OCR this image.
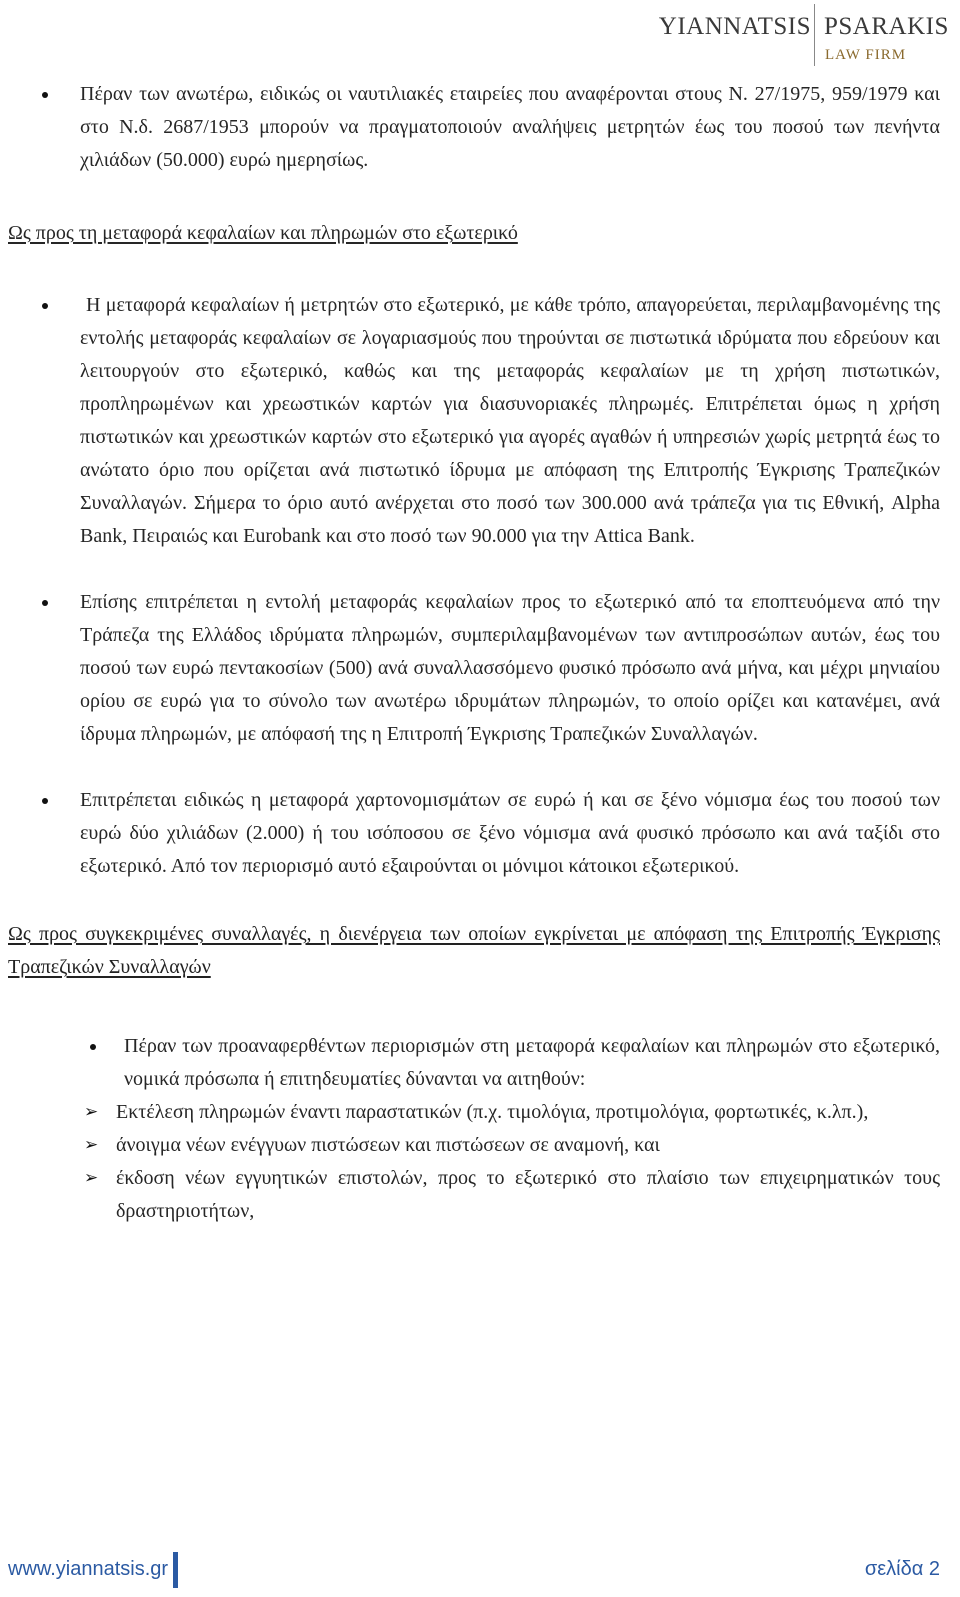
YIANNATSIS PSARAKIS
LAW FIRM

Πέραν των ανωτέρω, ειδικώς οι ναυτιλιακές εταιρείες που αναφέρονται στους Ν. 27/1975, 959/1979 και στο Ν.δ. 2687/1953 μπορούν να πραγματοποιούν αναλήψεις μετρητών έως του ποσού των πενήντα χιλιάδων (50.000) ευρώ ημερησίως.

Ως προς τη μεταφορά κεφαλαίων και πληρωμών στο εξωτερικό

Η μεταφορά κεφαλαίων ή μετρητών στο εξωτερικό, με κάθε τρόπο, απαγορεύεται, περιλαμβανομένης της εντολής μεταφοράς κεφαλαίων σε λογαριασμούς που τηρούνται σε πιστωτικά ιδρύματα που εδρεύουν και λειτουργούν στο εξωτερικό, καθώς και της μεταφοράς κεφαλαίων με τη χρήση πιστωτικών, προπληρωμένων και χρεωστικών καρτών για διασυνοριακές πληρωμές. Επιτρέπεται όμως η χρήση πιστωτικών και χρεωστικών καρτών στο εξωτερικό για αγορές αγαθών ή υπηρεσιών χωρίς μετρητά έως το ανώτατο όριο που ορίζεται ανά πιστωτικό ίδρυμα με απόφαση της Επιτροπής Έγκρισης Τραπεζικών Συναλλαγών. Σήμερα το όριο αυτό ανέρχεται στο ποσό των 300.000 ανά τράπεζα για τις Εθνική, Alpha Bank, Πειραιώς και Eurobank και στο ποσό των 90.000 για την Attica Bank.

Επίσης επιτρέπεται η εντολή μεταφοράς κεφαλαίων προς το εξωτερικό από τα εποπτευόμενα από την Τράπεζα της Ελλάδος ιδρύματα πληρωμών, συμπεριλαμβανομένων των αντιπροσώπων αυτών, έως του ποσού των ευρώ πεντακοσίων (500) ανά συναλλασσόμενο φυσικό πρόσωπο ανά μήνα, και μέχρι μηνιαίου ορίου σε ευρώ για το σύνολο των ανωτέρω ιδρυμάτων πληρωμών, το οποίο ορίζει και κατανέμει, ανά ίδρυμα πληρωμών, με απόφασή της η Επιτροπή Έγκρισης Τραπεζικών Συναλλαγών.

Επιτρέπεται ειδικώς η μεταφορά χαρτονομισμάτων σε ευρώ ή και σε ξένο νόμισμα έως του ποσού των ευρώ δύο χιλιάδων (2.000) ή του ισόποσου σε ξένο νόμισμα ανά φυσικό πρόσωπο και ανά ταξίδι στο εξωτερικό. Από τον περιορισμό αυτό εξαιρούνται οι μόνιμοι κάτοικοι εξωτερικού.

Ως προς συγκεκριμένες συναλλαγές, η διενέργεια των οποίων εγκρίνεται με απόφαση της Επιτροπής Έγκρισης Τραπεζικών Συναλλαγών

Πέραν των προαναφερθέντων περιορισμών στη μεταφορά κεφαλαίων και πληρωμών στο εξωτερικό, νομικά πρόσωπα ή επιτηδευματίες δύνανται να αιτηθούν:

➢ Εκτέλεση πληρωμών έναντι παραστατικών (π.χ. τιμολόγια, προτιμολόγια, φορτωτικές, κ.λπ.),

➢ άνοιγμα νέων ενέγγυων πιστώσεων και πιστώσεων σε αναμονή, και

➢ έκδοση νέων εγγυητικών επιστολών, προς το εξωτερικό στο πλαίσιο των επιχειρηματικών τους δραστηριοτήτων,

www.yiannatsis.gr	σελίδα 2
